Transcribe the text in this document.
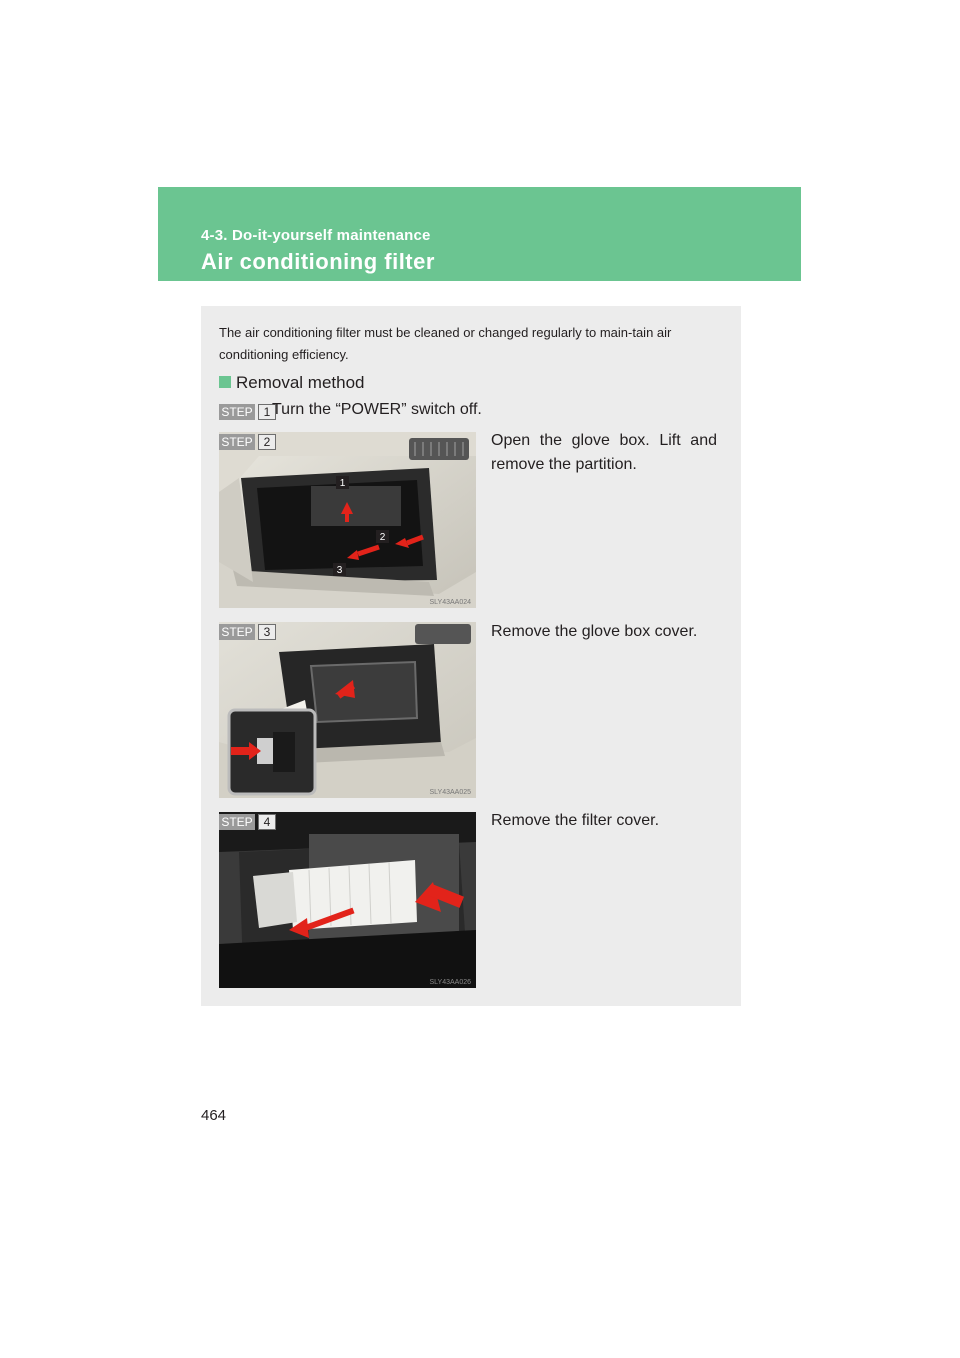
4-3. Do-it-yourself maintenance
Air conditioning filter
The air conditioning filter must be cleaned or changed regularly to main-tain air conditioning efficiency.
Removal method
STEP 1 Turn the “POWER” switch off.
1
2
3
SLY43AA024
STEP 2	Open the glove box. Lift and remove the partition.
SLY43AA025
STEP 3	Remove the glove box cover.
SLY43AA026
STEP 4	Remove the filter cover.
464
